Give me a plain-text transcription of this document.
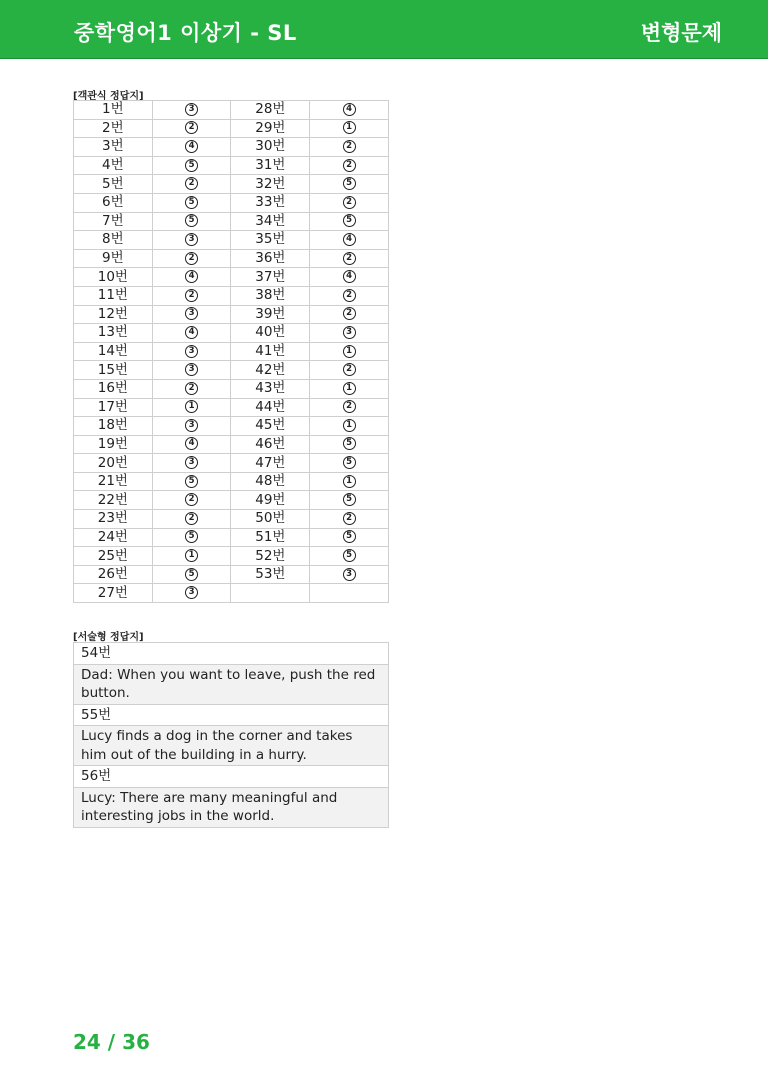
중학영어1 이상기 - SL	변형문제
[객관식 정답지]
1번	3	28번	4
2번	2	29번	1
3번	4	30번	2
4번	5	31번	2
5번	2	32번	5
6번	5	33번	2
7번	5	34번	5
8번	3	35번	4
9번	2	36번	2
10번	4	37번	4
11번	2	38번	2
12번	3	39번	2
13번	4	40번	3
14번	3	41번	1
15번	3	42번	2
16번	2	43번	1
17번	1	44번	2
18번	3	45번	1
19번	4	46번	5
20번	3	47번	5
21번	5	48번	1
22번	2	49번	5
23번	2	50번	2
24번	5	51번	5
25번	1	52번	5
26번	5	53번	3
27번	3		
[서술형 정답지]
54번
Dad: When you want to leave, push the red button.
55번
Lucy finds a dog in the corner and takes him out of the building in a hurry.
56번
Lucy: There are many meaningful and interesting jobs in the world.
24 / 36
